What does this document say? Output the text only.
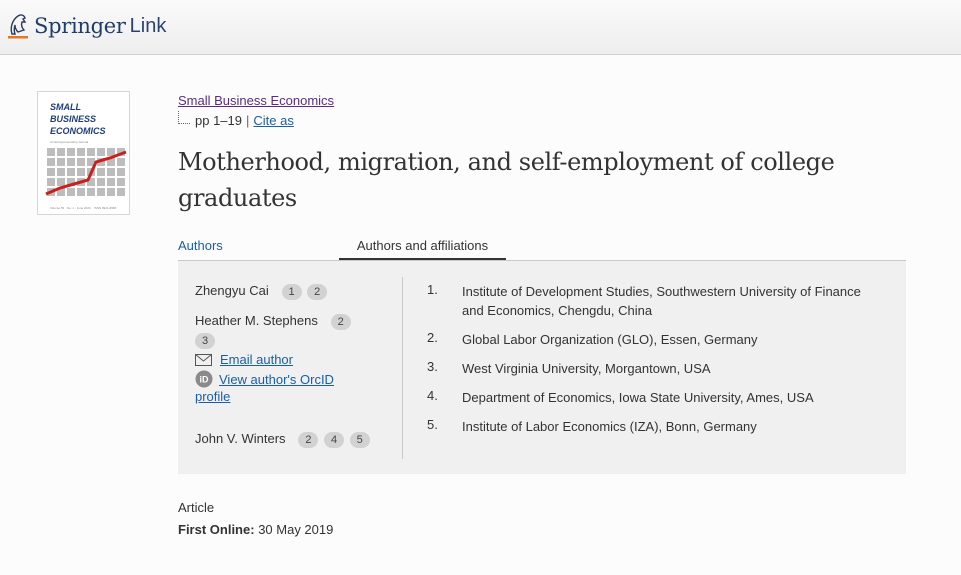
Springer Link
SMALL
BUSINESS
ECONOMICS
An Entrepreneurship Journal
Volume 55 · No. 1 · June 2020 ISSN 0921-898X
Small Business Economics
pp 1–19 | Cite as
Motherhood, migration, and self-employment of college graduates
Authors	Authors and affiliations
Zhengyu Cai 1 2
Heather M. Stephens 2
3
Email author
iD View author's OrcID
profile
John V. Winters 2 4 5
1.	Institute of Development Studies, Southwestern University of Finance and Economics, Chengdu, China
2.	Global Labor Organization (GLO), Essen, Germany
3.	West Virginia University, Morgantown, USA
4.	Department of Economics, Iowa State University, Ames, USA
5.	Institute of Labor Economics (IZA), Bonn, Germany
Article
First Online: 30 May 2019
